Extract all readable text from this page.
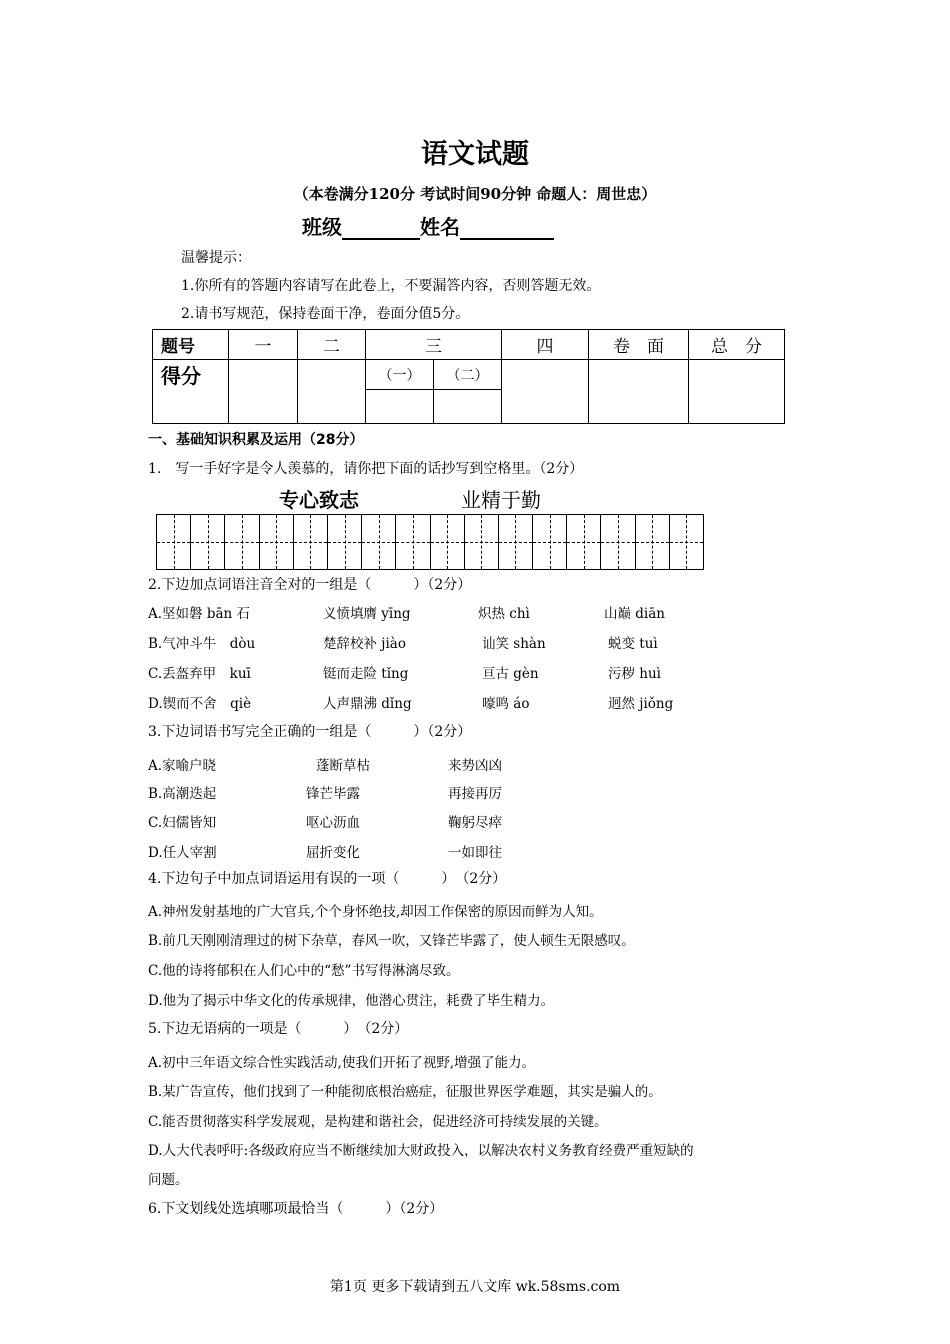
语文试题
（本卷满分120分 考试时间90分钟 命题人：周世忠）
班级	姓名
温馨提示：
1.你所有的答题内容请写在此卷上，不要漏答内容，否则答题无效。
2.请书写规范，保持卷面干净，卷面分值5分。
题号	一	二	三		四	卷　面	总　分
得分			（一）	（二）			

一、基础知识积累及运用（28分）
1.　写一手好字是令人羡慕的，请你把下面的话抄写到空格里。（2分）
专心致志	业精于勤
2.下边加点词语注音全对的一组是（　　　）（2分）
A.坚如磐 bān 石	义愤填膺 yīng	炽热 chì	山巅 diān
B.气冲斗牛　dòu	楚辞校补 jiào	讪笑 shàn	蜕变 tuì
C.丢盔弃甲　kuī	铤而走险 tǐng	亘古 gèn	污秽 huì
D.锲而不舍　qiè	人声鼎沸 dǐng	嚎鸣 áo	迥然 jiǒng
3.下边词语书写完全正确的一组是（　　　）（2分）
A.家喻户晓	蓬断草枯	来势凶凶
B.高潮迭起	锋芒毕露	再接再厉
C.妇儒皆知	呕心沥血	鞠躬尽瘁
D.任人宰割	屈折变化	一如即往
4.下边句子中加点词语运用有误的一项（　　　）　（2分）
A.神州发射基地的广大官兵,个个身怀绝技,却因工作保密的原因而鲜为人知。
B.前几天刚刚清理过的树下杂草，春风一吹，又锋芒毕露了，使人顿生无限感叹。
C.他的诗将郁积在人们心中的“愁”书写得淋漓尽致。
D.他为了揭示中华文化的传承规律，他潜心贯注，耗费了毕生精力。
5.下边无语病的一项是（　　　）　（2分）
A.初中三年语文综合性实践活动,使我们开拓了视野,增强了能力。
B.某广告宣传，他们找到了一种能彻底根治癌症，征服世界医学难题，其实是骗人的。
C.能否贯彻落实科学发展观，是构建和谐社会，促进经济可持续发展的关键。
D.人大代表呼吁:各级政府应当不断继续加大财政投入，以解决农村义务教育经费严重短缺的
问题。
6.下文划线处选填哪项最恰当（　　　）（2分）
第1页 更多下载请到五八文库 wk.58sms.com
